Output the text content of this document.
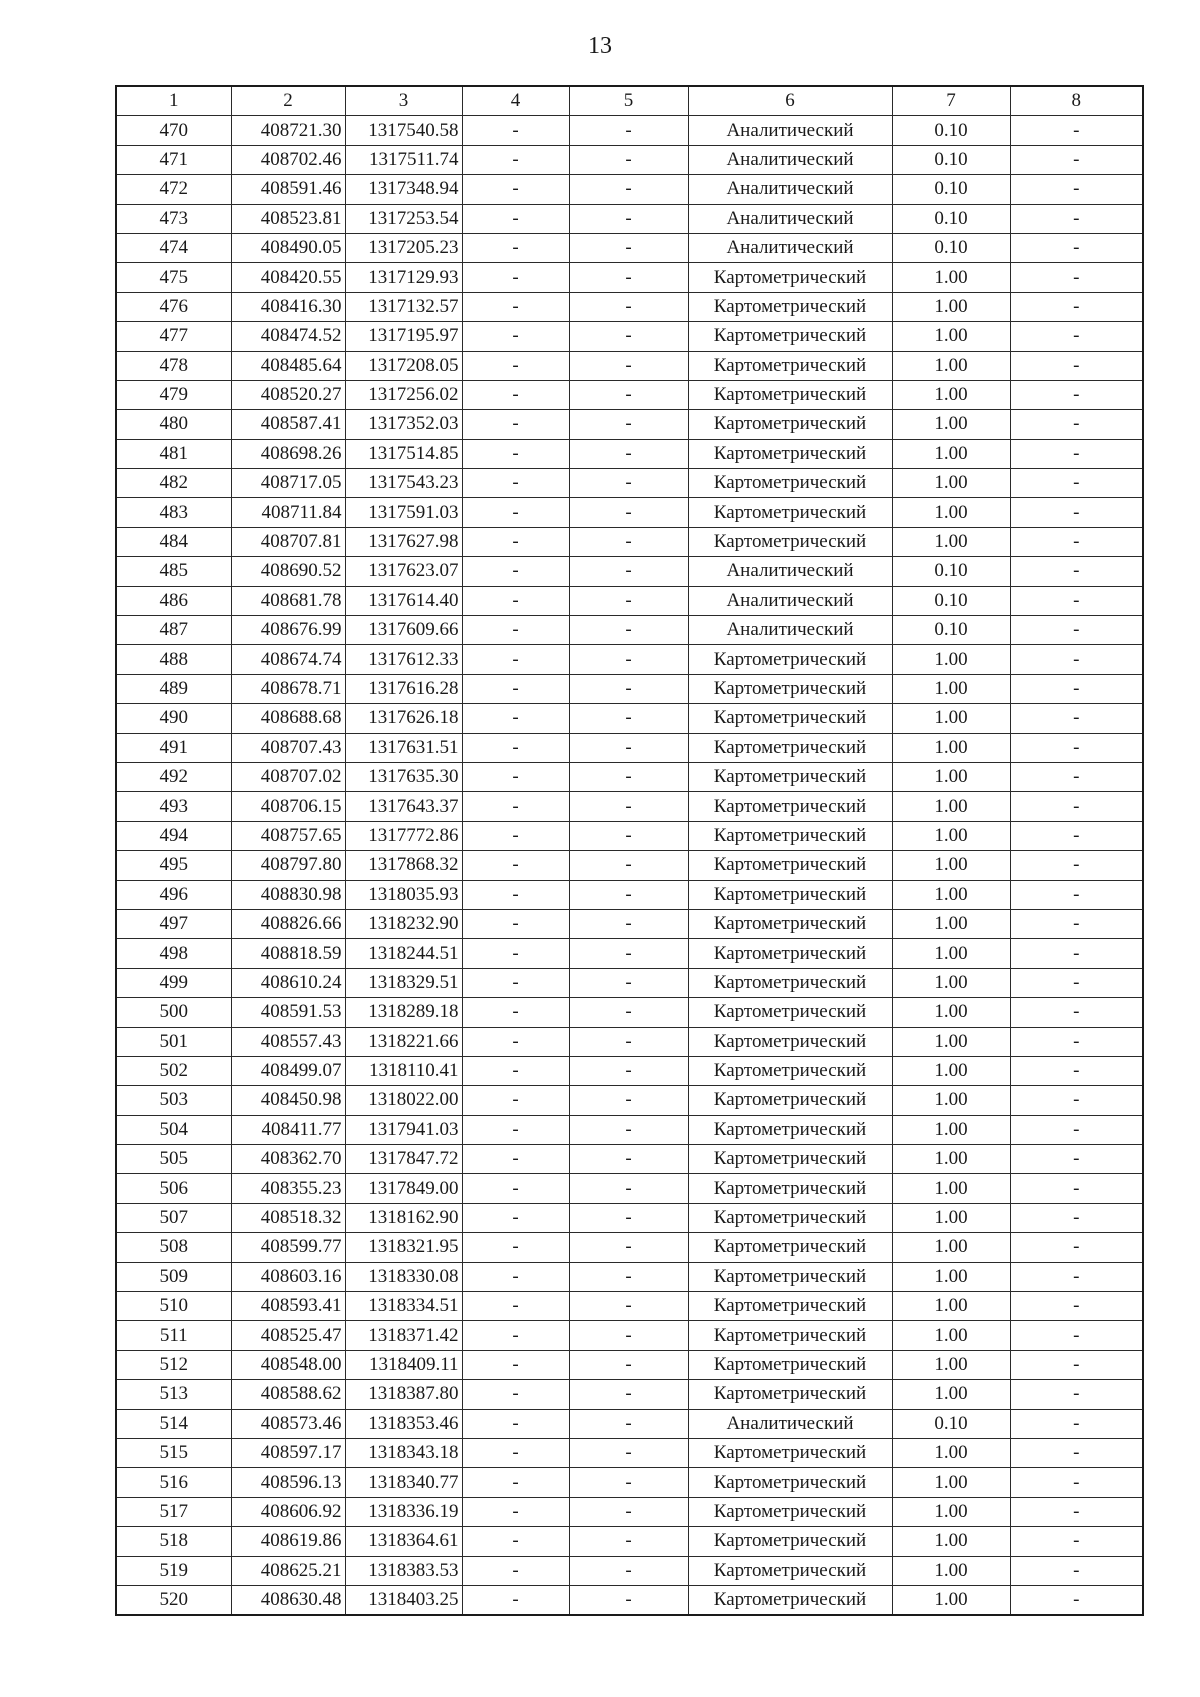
13
1	2	3	4	5	6	7	8
470	408721.30	1317540.58	-	-	Аналитический	0.10	-
471	408702.46	1317511.74	-	-	Аналитический	0.10	-
472	408591.46	1317348.94	-	-	Аналитический	0.10	-
473	408523.81	1317253.54	-	-	Аналитический	0.10	-
474	408490.05	1317205.23	-	-	Аналитический	0.10	-
475	408420.55	1317129.93	-	-	Картометрический	1.00	-
476	408416.30	1317132.57	-	-	Картометрический	1.00	-
477	408474.52	1317195.97	-	-	Картометрический	1.00	-
478	408485.64	1317208.05	-	-	Картометрический	1.00	-
479	408520.27	1317256.02	-	-	Картометрический	1.00	-
480	408587.41	1317352.03	-	-	Картометрический	1.00	-
481	408698.26	1317514.85	-	-	Картометрический	1.00	-
482	408717.05	1317543.23	-	-	Картометрический	1.00	-
483	408711.84	1317591.03	-	-	Картометрический	1.00	-
484	408707.81	1317627.98	-	-	Картометрический	1.00	-
485	408690.52	1317623.07	-	-	Аналитический	0.10	-
486	408681.78	1317614.40	-	-	Аналитический	0.10	-
487	408676.99	1317609.66	-	-	Аналитический	0.10	-
488	408674.74	1317612.33	-	-	Картометрический	1.00	-
489	408678.71	1317616.28	-	-	Картометрический	1.00	-
490	408688.68	1317626.18	-	-	Картометрический	1.00	-
491	408707.43	1317631.51	-	-	Картометрический	1.00	-
492	408707.02	1317635.30	-	-	Картометрический	1.00	-
493	408706.15	1317643.37	-	-	Картометрический	1.00	-
494	408757.65	1317772.86	-	-	Картометрический	1.00	-
495	408797.80	1317868.32	-	-	Картометрический	1.00	-
496	408830.98	1318035.93	-	-	Картометрический	1.00	-
497	408826.66	1318232.90	-	-	Картометрический	1.00	-
498	408818.59	1318244.51	-	-	Картометрический	1.00	-
499	408610.24	1318329.51	-	-	Картометрический	1.00	-
500	408591.53	1318289.18	-	-	Картометрический	1.00	-
501	408557.43	1318221.66	-	-	Картометрический	1.00	-
502	408499.07	1318110.41	-	-	Картометрический	1.00	-
503	408450.98	1318022.00	-	-	Картометрический	1.00	-
504	408411.77	1317941.03	-	-	Картометрический	1.00	-
505	408362.70	1317847.72	-	-	Картометрический	1.00	-
506	408355.23	1317849.00	-	-	Картометрический	1.00	-
507	408518.32	1318162.90	-	-	Картометрический	1.00	-
508	408599.77	1318321.95	-	-	Картометрический	1.00	-
509	408603.16	1318330.08	-	-	Картометрический	1.00	-
510	408593.41	1318334.51	-	-	Картометрический	1.00	-
511	408525.47	1318371.42	-	-	Картометрический	1.00	-
512	408548.00	1318409.11	-	-	Картометрический	1.00	-
513	408588.62	1318387.80	-	-	Картометрический	1.00	-
514	408573.46	1318353.46	-	-	Аналитический	0.10	-
515	408597.17	1318343.18	-	-	Картометрический	1.00	-
516	408596.13	1318340.77	-	-	Картометрический	1.00	-
517	408606.92	1318336.19	-	-	Картометрический	1.00	-
518	408619.86	1318364.61	-	-	Картометрический	1.00	-
519	408625.21	1318383.53	-	-	Картометрический	1.00	-
520	408630.48	1318403.25	-	-	Картометрический	1.00	-
